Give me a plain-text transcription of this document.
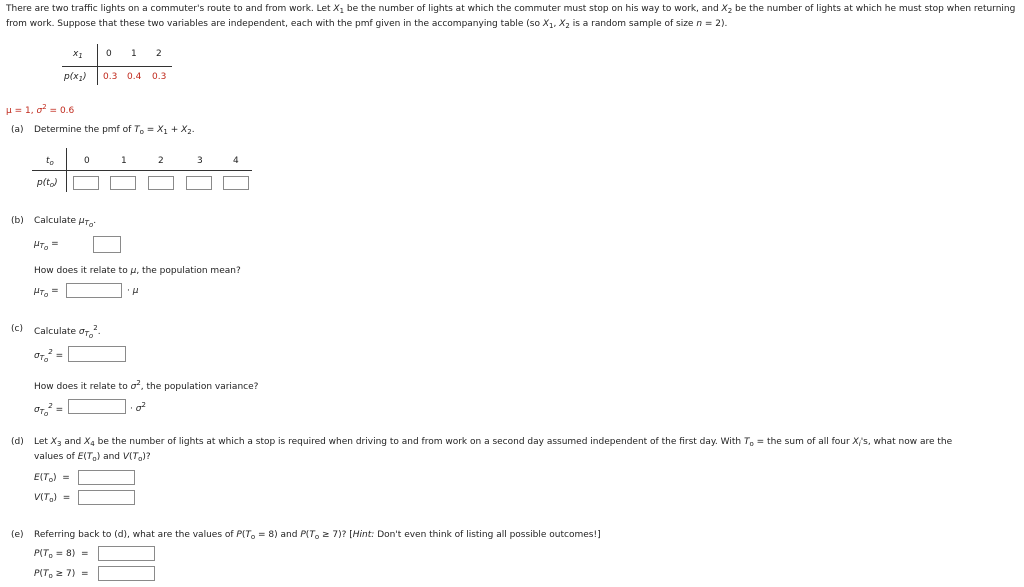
There are two traffic lights on a commuter's route to and from work. Let $X_1$ be the number of lights at which the commuter must stop on his way to work, and $X_2$ be the number of lights at which he must stop when returning from work. Suppose that these two variables are independent, each with the pmf given in the accompanying table (so $X_1$, $X_2$ is a random sample of size n = 2).
$x_1$	0 1 2
$p(x_1)$ 0.3 0.4 0.3
μ = 1, $\sigma^2 = 0.6$
(a) Determine the pmf of $T_o = X_1 + X_2$.
$t_o$	0	1	2	3	4
$p(t_o)$
(b) Calculate $\mu_{T_o}$.
$\mu_{T_o}$ =
How does it relate to μ, the population mean?
$\mu_{T_o}$ =	· μ
(c) Calculate $\sigma_{T_o}^2$.
$\sigma_{T_o}^2$ =
How does it relate to $\sigma^2$, the population variance?
$\sigma_{T_o}^2$ =	· $\sigma^2$
(d) Let $X_3$ and $X_4$ be the number of lights at which a stop is required when driving to and from work on a second day assumed independent of the first day. With $T_o$ = the sum of all four $X_i's$, what now are the
values of $E(T_o)$ and $V(T_o)$?
$E(T_o)$  =
$V(T_o)$  =
(e) Referring back to (d), what are the values of $P(T_o = 8)$ and $P(T_o \ge 7)$? [Hint: Don't even think of listing all possible outcomes!]
$P(T_o = 8)$  =
$P(T_o \ge 7)$  =
